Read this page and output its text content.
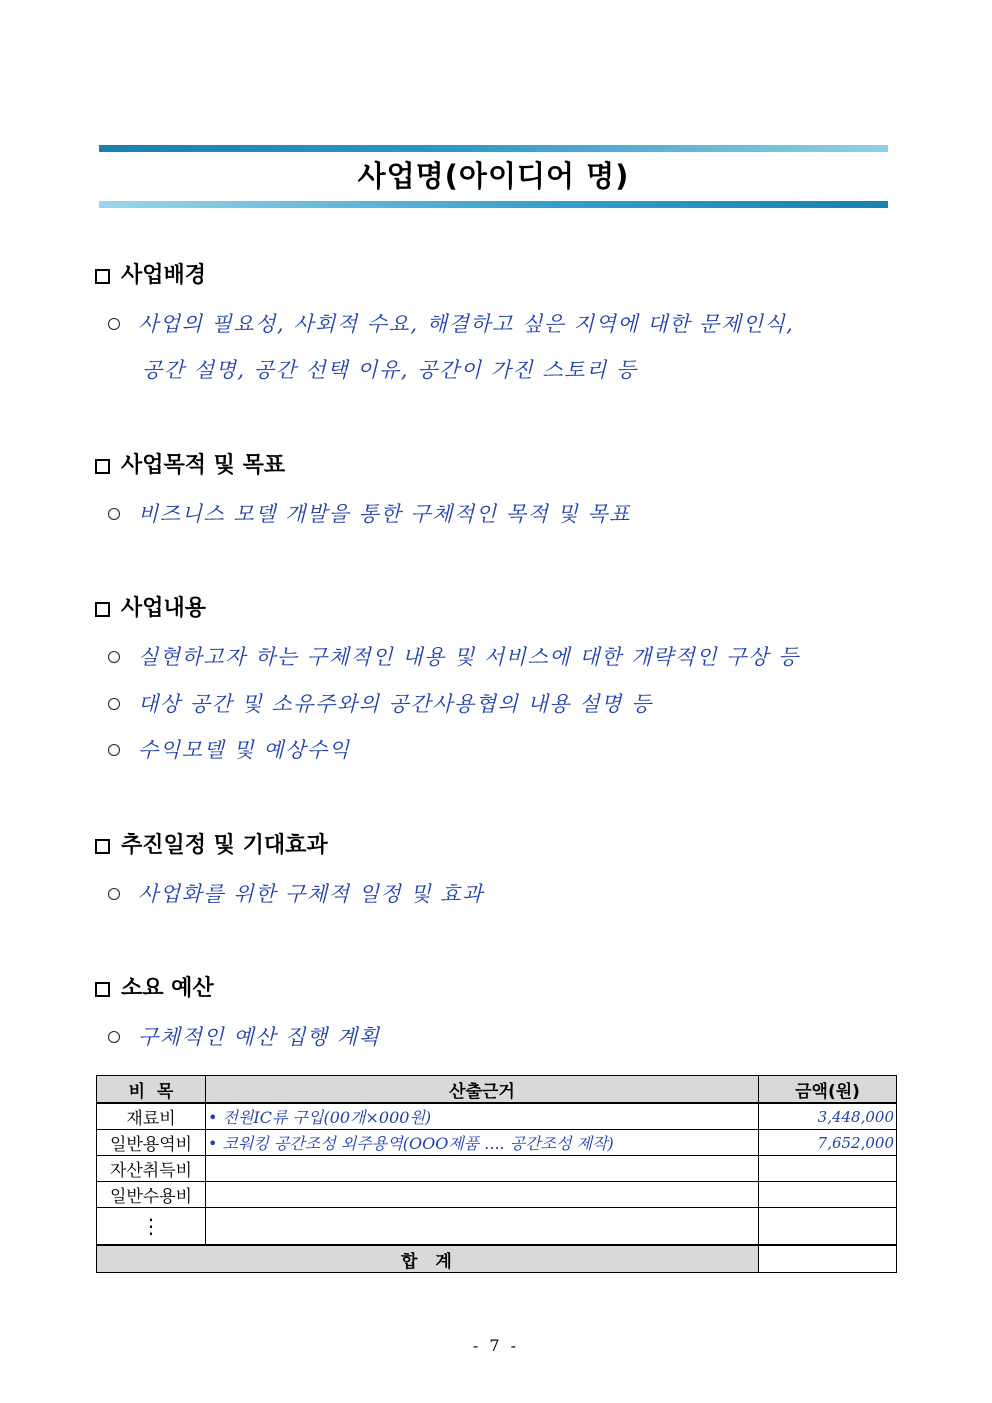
사업명(아이디어 명)
사업배경
사업의 필요성, 사회적 수요, 해결하고 싶은 지역에 대한 문제인식,
공간 설명, 공간 선택 이유, 공간이 가진 스토리 등
사업목적 및 목표
비즈니스 모델 개발을 통한 구체적인 목적 및 목표
사업내용
실현하고자 하는 구체적인 내용 및 서비스에 대한 개략적인 구상 등
대상 공간 및 소유주와의 공간사용협의 내용 설명 등
수익모델 및 예상수익
추진일정 및 기대효과
사업화를 위한 구체적 일정 및 효과
소요 예산
구체적인 예산 집행 계획
비  목	산출근거	금액(원)
재료비	• 전원IC류 구입(00개×000원)	3,448,000
일반용역비	• 코워킹 공간조성 외주용역(OOO제품 .... 공간조성 제작)	7,652,000
자산취득비		
일반수용비		
⋮		
합  계		
- 7 -
